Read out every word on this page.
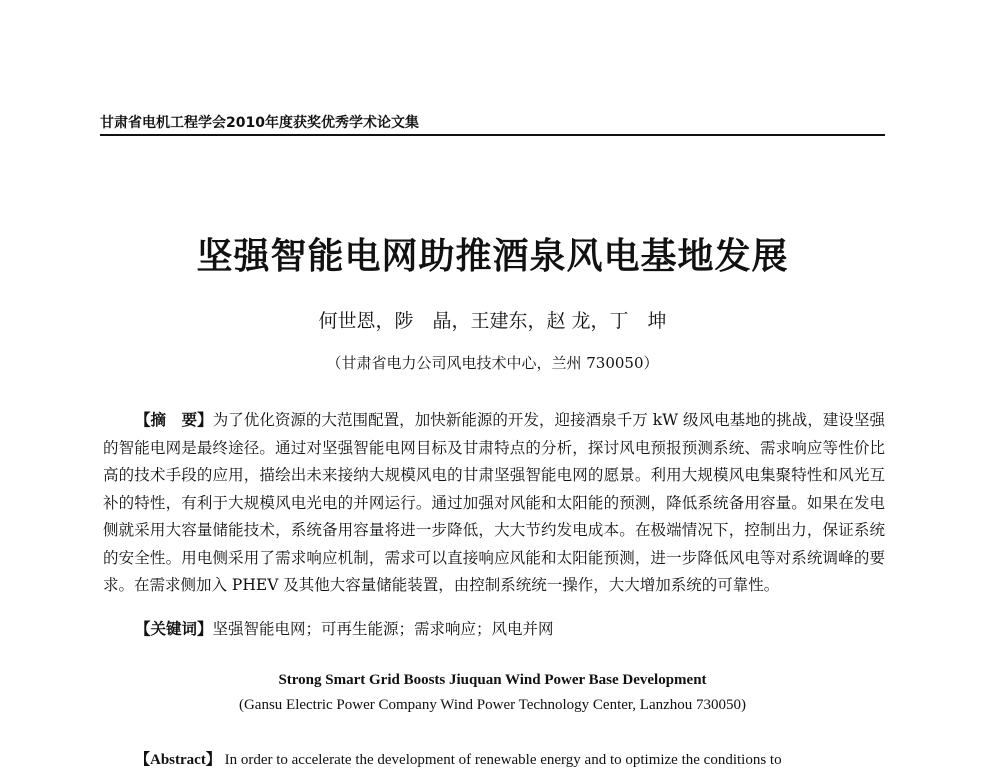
甘肃省电机工程学会2010年度获奖优秀学术论文集
坚强智能电网助推酒泉风电基地发展
何世恩，陟　晶，王建东，赵 龙，丁　坤
（甘肃省电力公司风电技术中心，兰州 730050）

【摘　要】为了优化资源的大范围配置，加快新能源的开发，迎接酒泉千万 kW 级风电基地的挑战，建设坚强的智能电网是最终途径。通过对坚强智能电网目标及甘肃特点的分析，探讨风电预报预测系统、需求响应等性价比高的技术手段的应用，描绘出未来接纳大规模风电的甘肃坚强智能电网的愿景。利用大规模风电集聚特性和风光互补的特性，有利于大规模风电光电的并网运行。通过加强对风能和太阳能的预测，降低系统备用容量。如果在发电侧就采用大容量储能技术，系统备用容量将进一步降低，大大节约发电成本。在极端情况下，控制出力，保证系统的安全性。用电侧采用了需求响应机制，需求可以直接响应风能和太阳能预测，进一步降低风电等对系统调峰的要求。在需求侧加入 PHEV 及其他大容量储能装置，由控制系统统一操作，大大增加系统的可靠性。

【关键词】坚强智能电网；可再生能源；需求响应；风电并网
Strong Smart Grid Boosts Jiuquan Wind Power Base Development
(Gansu Electric Power Company Wind Power Technology Center, Lanzhou 730050)
【Abstract】 In order to accelerate the development of renewable energy and to optimize the conditions to
